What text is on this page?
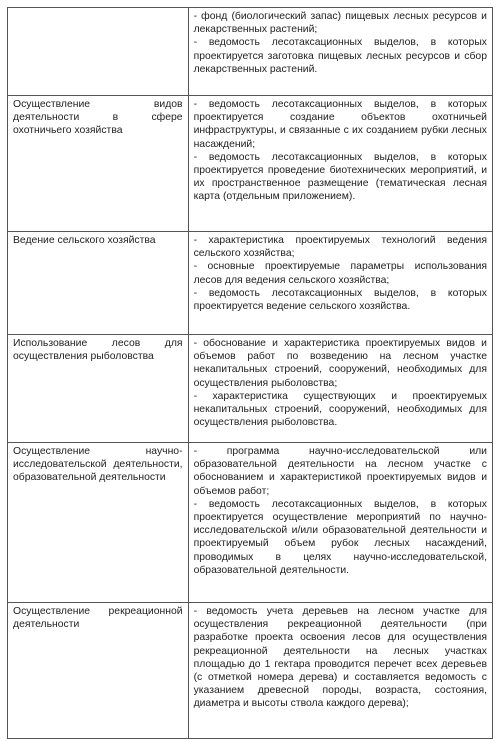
	- фонд (биологический запас) пищевых лесных ресурсов и лекарственных растений;
- ведомость лесотаксационных выделов, в которых проектируется заготовка пищевых лесных ресурсов и сбор лекарственных растений.

Осуществление видов деятельности в сфере охотничьего хозяйства	- ведомость лесотаксационных выделов, в которых проектируется создание объектов охотничьей инфраструктуры, и связанные с их созданием рубки лесных насаждений;
- ведомость лесотаксационных выделов, в которых проектируется проведение биотехнических мероприятий, и их пространственное размещение (тематическая лесная карта (отдельным приложением).

Ведение сельского хозяйства	- характеристика проектируемых технологий ведения сельского хозяйства;
- основные проектируемые параметры использования лесов для ведения сельского хозяйства;
- ведомость лесотаксационных выделов, в которых проектируется ведение сельского хозяйства.

Использование лесов для осуществления рыболовства	- обоснование и характеристика проектируемых видов и объемов работ по возведению на лесном участке некапитальных строений, сооружений, необходимых для осуществления рыболовства;
- характеристика существующих и проектируемых некапитальных строений, сооружений, необходимых для осуществления рыболовства.

Осуществление научно-исследовательской деятельности, образовательной деятельности	- программа научно-исследовательской или образовательной деятельности на лесном участке с обоснованием и характеристикой проектируемых видов и объемов работ;
- ведомость лесотаксационных выделов, в которых проектируется осуществление мероприятий по научно-исследовательской и/или образовательной деятельности и проектируемый объем рубок лесных насаждений, проводимых в целях научно-исследовательской, образовательной деятельности.

Осуществление рекреационной деятельности	- ведомость учета деревьев на лесном участке для осуществления рекреационной деятельности (при разработке проекта освоения лесов для осуществления рекреационной деятельности на лесных участках площадью до 1 гектара проводится перечет всех деревьев (с отметкой номера дерева) и составляется ведомость с указанием древесной породы, возраста, состояния, диаметра и высоты ствола каждого дерева);
